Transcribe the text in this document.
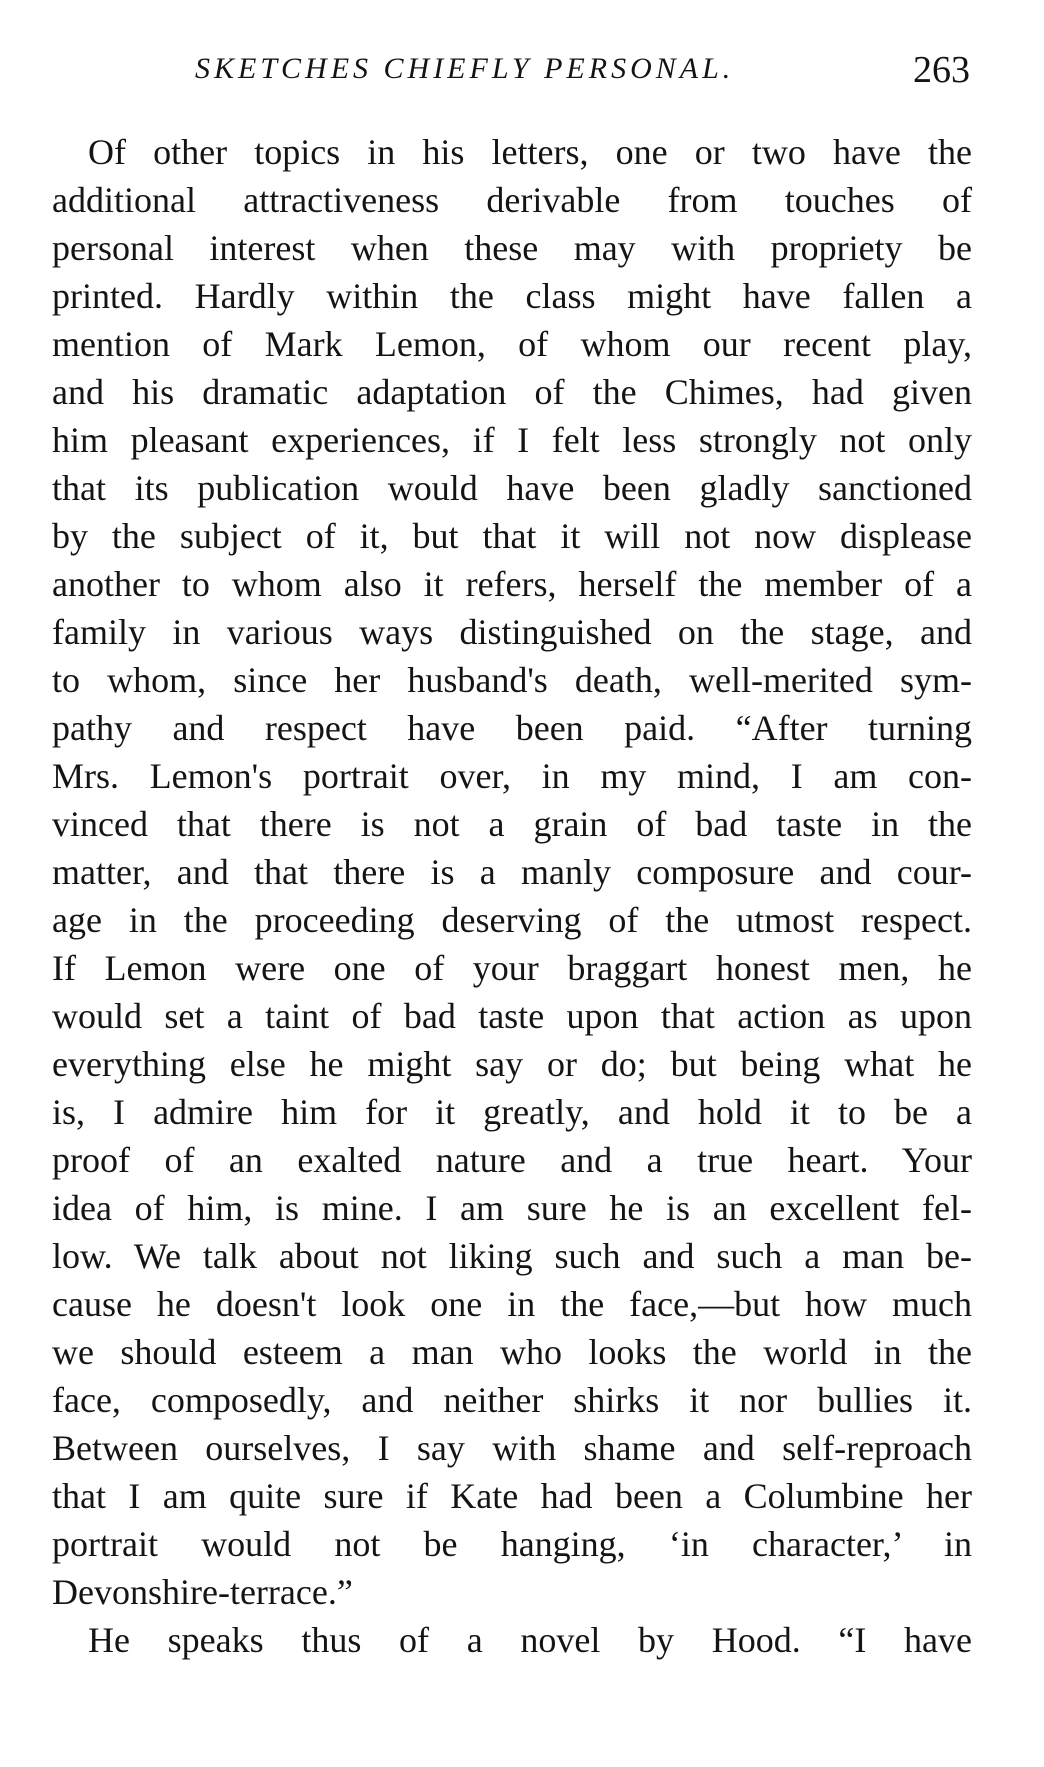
SKETCHES CHIEFLY PERSONAL.	263
Of other topics in his letters, one or two have the
additional attractiveness derivable from touches of
personal interest when these may with propriety be
printed. Hardly within the class might have fallen a
mention of Mark Lemon, of whom our recent play,
and his dramatic adaptation of the Chimes, had given
him pleasant experiences, if I felt less strongly not only
that its publication would have been gladly sanctioned
by the subject of it, but that it will not now displease
another to whom also it refers, herself the member of a
family in various ways distinguished on the stage, and
to whom, since her husband's death, well-merited sym-
pathy and respect have been paid. “After turning
Mrs. Lemon's portrait over, in my mind, I am con-
vinced that there is not a grain of bad taste in the
matter, and that there is a manly composure and cour-
age in the proceeding deserving of the utmost respect.
If Lemon were one of your braggart honest men, he
would set a taint of bad taste upon that action as upon
everything else he might say or do; but being what he
is, I admire him for it greatly, and hold it to be a
proof of an exalted nature and a true heart. Your
idea of him, is mine. I am sure he is an excellent fel-
low. We talk about not liking such and such a man be-
cause he doesn't look one in the face,—but how much
we should esteem a man who looks the world in the
face, composedly, and neither shirks it nor bullies it.
Between ourselves, I say with shame and self-reproach
that I am quite sure if Kate had been a Columbine her
portrait would not be hanging, ‘in character,’ in
Devonshire-terrace.”
He speaks thus of a novel by Hood. “I have
